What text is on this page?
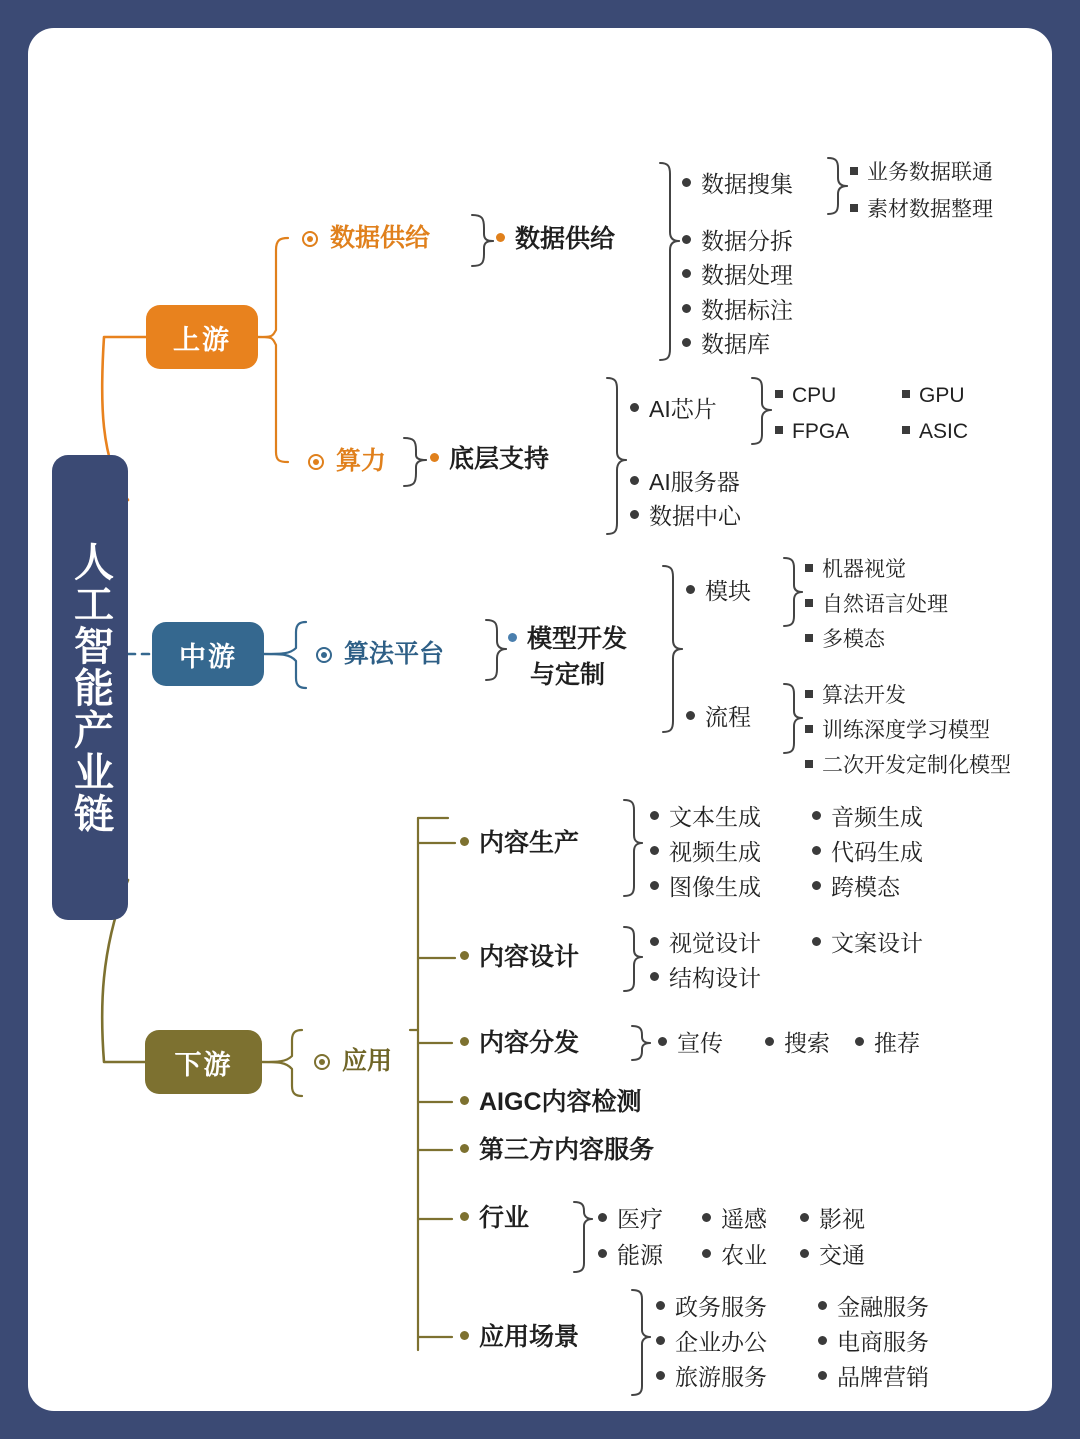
人工智能产业链
上游
中游
下游
数据供给	数据供给
数据搜集
数据分拆
数据处理
数据标注
数据库
业务数据联通
素材数据整理
算力	底层支持
AI芯片
AI服务器
数据中心
CPU	GPU
FPGA	ASIC
算法平台
模型开发
与定制
模块
流程
机器视觉
自然语言处理
多模态
算法开发
训练深度学习模型
二次开发定制化模型
应用
内容生产
文本生成	音频生成
视频生成	代码生成
图像生成	跨模态
内容设计	视觉设计	文案设计
结构设计
内容分发	宣传	搜索	推荐
AIGC内容检测
第三方内容服务
行业	医疗	遥感	影视
能源	农业	交通
应用场景
政务服务	金融服务
企业办公	电商服务
旅游服务	品牌营销
